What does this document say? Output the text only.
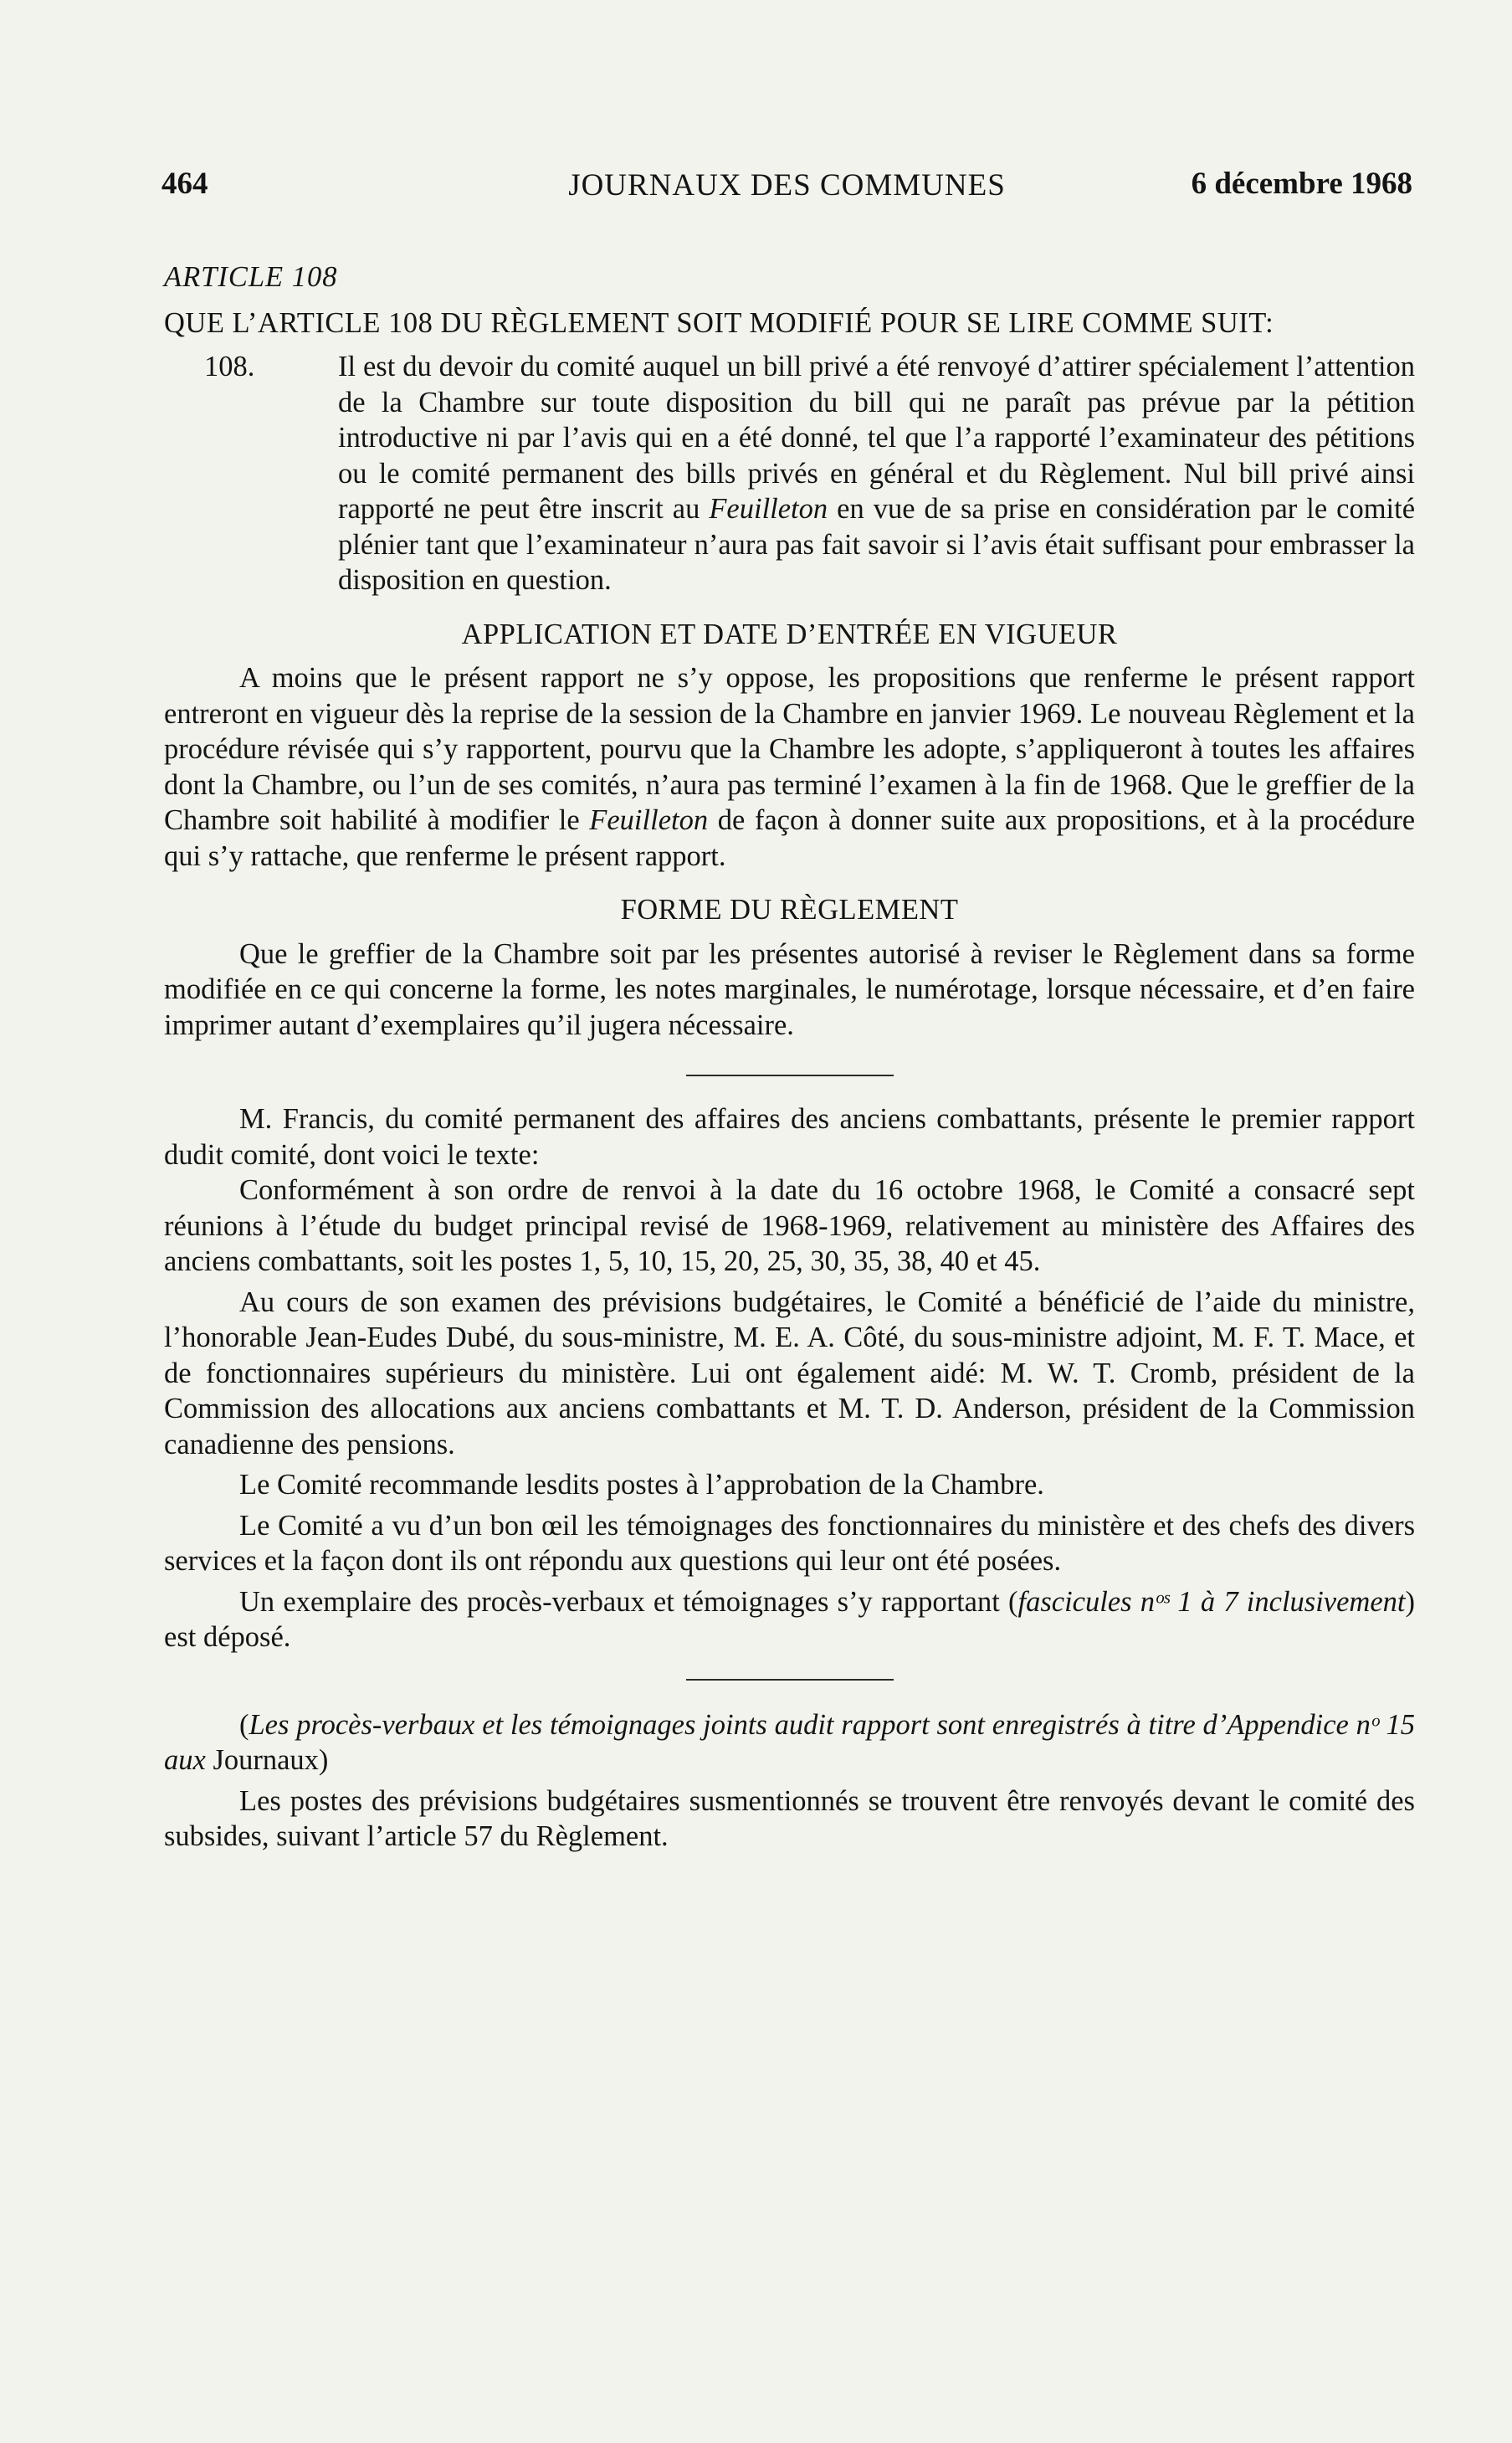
464	JOURNAUX DES COMMUNES	6 décembre 1968

ARTICLE 108

QUE L’ARTICLE 108 DU RÈGLEMENT SOIT MODIFIÉ POUR SE LIRE COMME SUIT:

108.	Il est du devoir du comité auquel un bill privé a été renvoyé d’attirer spécialement l’attention de la Chambre sur toute disposition du bill qui ne paraît pas prévue par la pétition introductive ni par l’avis qui en a été donné, tel que l’a rapporté l’examinateur des pétitions ou le comité permanent des bills privés en général et du Règlement. Nul bill privé ainsi rapporté ne peut être inscrit au Feuilleton en vue de sa prise en considération par le comité plénier tant que l’examinateur n’aura pas fait savoir si l’avis était suffisant pour embrasser la disposition en question.

APPLICATION ET DATE D’ENTRÉE EN VIGUEUR

A moins que le présent rapport ne s’y oppose, les propositions que renferme le présent rapport entreront en vigueur dès la reprise de la session de la Chambre en janvier 1969. Le nouveau Règlement et la procédure révisée qui s’y rapportent, pourvu que la Chambre les adopte, s’appliqueront à toutes les affaires dont la Chambre, ou l’un de ses comités, n’aura pas terminé l’examen à la fin de 1968. Que le greffier de la Chambre soit habilité à modifier le Feuilleton de façon à donner suite aux propositions, et à la procédure qui s’y rattache, que renferme le présent rapport.

FORME DU RÈGLEMENT

Que le greffier de la Chambre soit par les présentes autorisé à reviser le Règlement dans sa forme modifiée en ce qui concerne la forme, les notes marginales, le numérotage, lorsque nécessaire, et d’en faire imprimer autant d’exemplaires qu’il jugera nécessaire.

M. Francis, du comité permanent des affaires des anciens combattants, présente le premier rapport dudit comité, dont voici le texte:

Conformément à son ordre de renvoi à la date du 16 octobre 1968, le Comité a consacré sept réunions à l’étude du budget principal revisé de 1968-1969, relativement au ministère des Affaires des anciens combattants, soit les postes 1, 5, 10, 15, 20, 25, 30, 35, 38, 40 et 45.

Au cours de son examen des prévisions budgétaires, le Comité a bénéficié de l’aide du ministre, l’honorable Jean-Eudes Dubé, du sous-ministre, M. E. A. Côté, du sous-ministre adjoint, M. F. T. Mace, et de fonctionnaires supérieurs du ministère. Lui ont également aidé: M. W. T. Cromb, président de la Commission des allocations aux anciens combattants et M. T. D. Anderson, président de la Commission canadienne des pensions.

Le Comité recommande lesdits postes à l’approbation de la Chambre.

Le Comité a vu d’un bon œil les témoignages des fonctionnaires du ministère et des chefs des divers services et la façon dont ils ont répondu aux questions qui leur ont été posées.

Un exemplaire des procès-verbaux et témoignages s’y rapportant (fascicules nᵒˢ 1 à 7 inclusivement) est déposé.

(Les procès-verbaux et les témoignages joints audit rapport sont enregistrés à titre d’Appendice nᵒ 15 aux Journaux)

Les postes des prévisions budgétaires susmentionnés se trouvent être renvoyés devant le comité des subsides, suivant l’article 57 du Règlement.
